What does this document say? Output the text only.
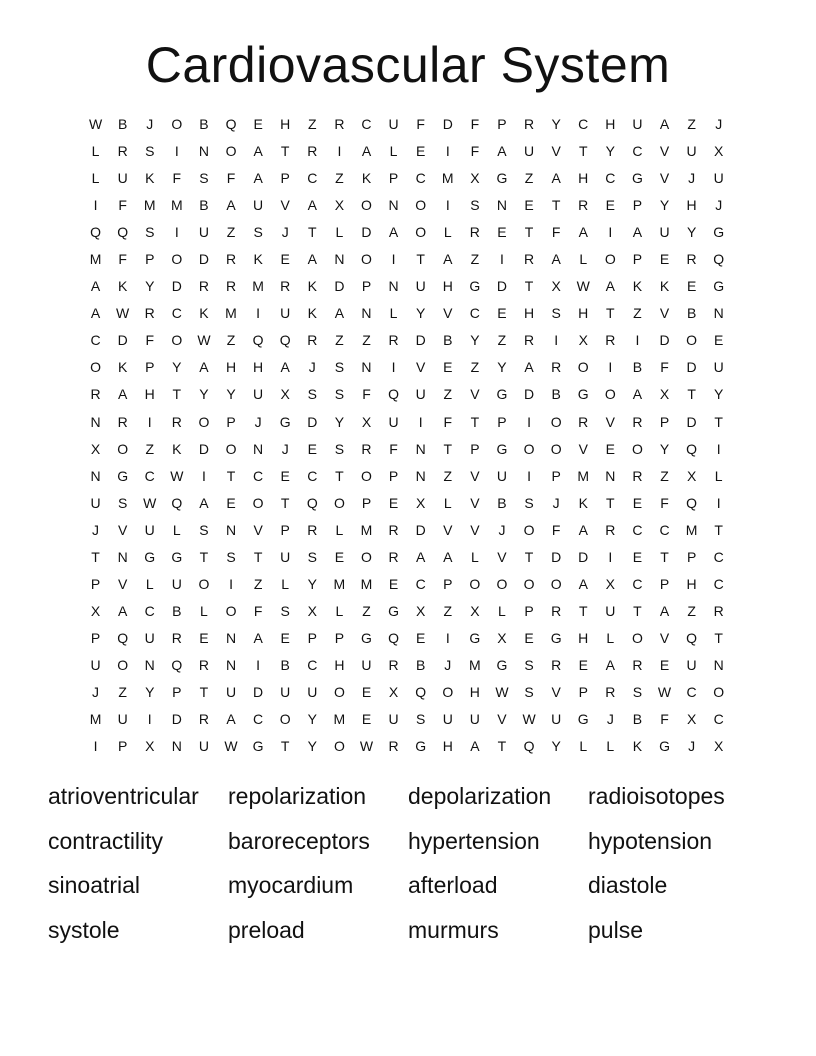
Cardiovascular System
W	B	J	O	B	Q	E	H	Z	R	C	U	F	D	F	P	R	Y	C	H	U	A	Z	J
L	R	S	I	N	O	A	T	R	I	A	L	E	I	F	A	U	V	T	Y	C	V	U	X
L	U	K	F	S	F	A	P	C	Z	K	P	C	M	X	G	Z	A	H	C	G	V	J	U
I	F	M	M	B	A	U	V	A	X	O	N	O	I	S	N	E	T	R	E	P	Y	H	J
Q	Q	S	I	U	Z	S	J	T	L	D	A	O	L	R	E	T	F	A	I	A	U	Y	G
M	F	P	O	D	R	K	E	A	N	O	I	T	A	Z	I	R	A	L	O	P	E	R	Q
A	K	Y	D	R	R	M	R	K	D	P	N	U	H	G	D	T	X	W	A	K	K	E	G
A	W	R	C	K	M	I	U	K	A	N	L	Y	V	C	E	H	S	H	T	Z	V	B	N
C	D	F	O	W	Z	Q	Q	R	Z	Z	R	D	B	Y	Z	R	I	X	R	I	D	O	E
O	K	P	Y	A	H	H	A	J	S	N	I	V	E	Z	Y	A	R	O	I	B	F	D	U
R	A	H	T	Y	Y	U	X	S	S	F	Q	U	Z	V	G	D	B	G	O	A	X	T	Y
N	R	I	R	O	P	J	G	D	Y	X	U	I	F	T	P	I	O	R	V	R	P	D	T
X	O	Z	K	D	O	N	J	E	S	R	F	N	T	P	G	O	O	V	E	O	Y	Q	I
N	G	C	W	I	T	C	E	C	T	O	P	N	Z	V	U	I	P	M	N	R	Z	X	L
U	S	W	Q	A	E	O	T	Q	O	P	E	X	L	V	B	S	J	K	T	E	F	Q	I
J	V	U	L	S	N	V	P	R	L	M	R	D	V	V	J	O	F	A	R	C	C	M	T
T	N	G	G	T	S	T	U	S	E	O	R	A	A	L	V	T	D	D	I	E	T	P	C
P	V	L	U	O	I	Z	L	Y	M	M	E	C	P	O	O	O	O	A	X	C	P	H	C
X	A	C	B	L	O	F	S	X	L	Z	G	X	Z	X	L	P	R	T	U	T	A	Z	R
P	Q	U	R	E	N	A	E	P	P	G	Q	E	I	G	X	E	G	H	L	O	V	Q	T
U	O	N	Q	R	N	I	B	C	H	U	R	B	J	M	G	S	R	E	A	R	E	U	N
J	Z	Y	P	T	U	D	U	U	O	E	X	Q	O	H	W	S	V	P	R	S	W	C	O
M	U	I	D	R	A	C	O	Y	M	E	U	S	U	U	V	W	U	G	J	B	F	X	C
I	P	X	N	U	W	G	T	Y	O	W	R	G	H	A	T	Q	Y	L	L	K	G	J	X
atrioventricular	repolarization	depolarization	radioisotopes
contractility	baroreceptors	hypertension	hypotension
sinoatrial	myocardium	afterload	diastole
systole	preload	murmurs	pulse
